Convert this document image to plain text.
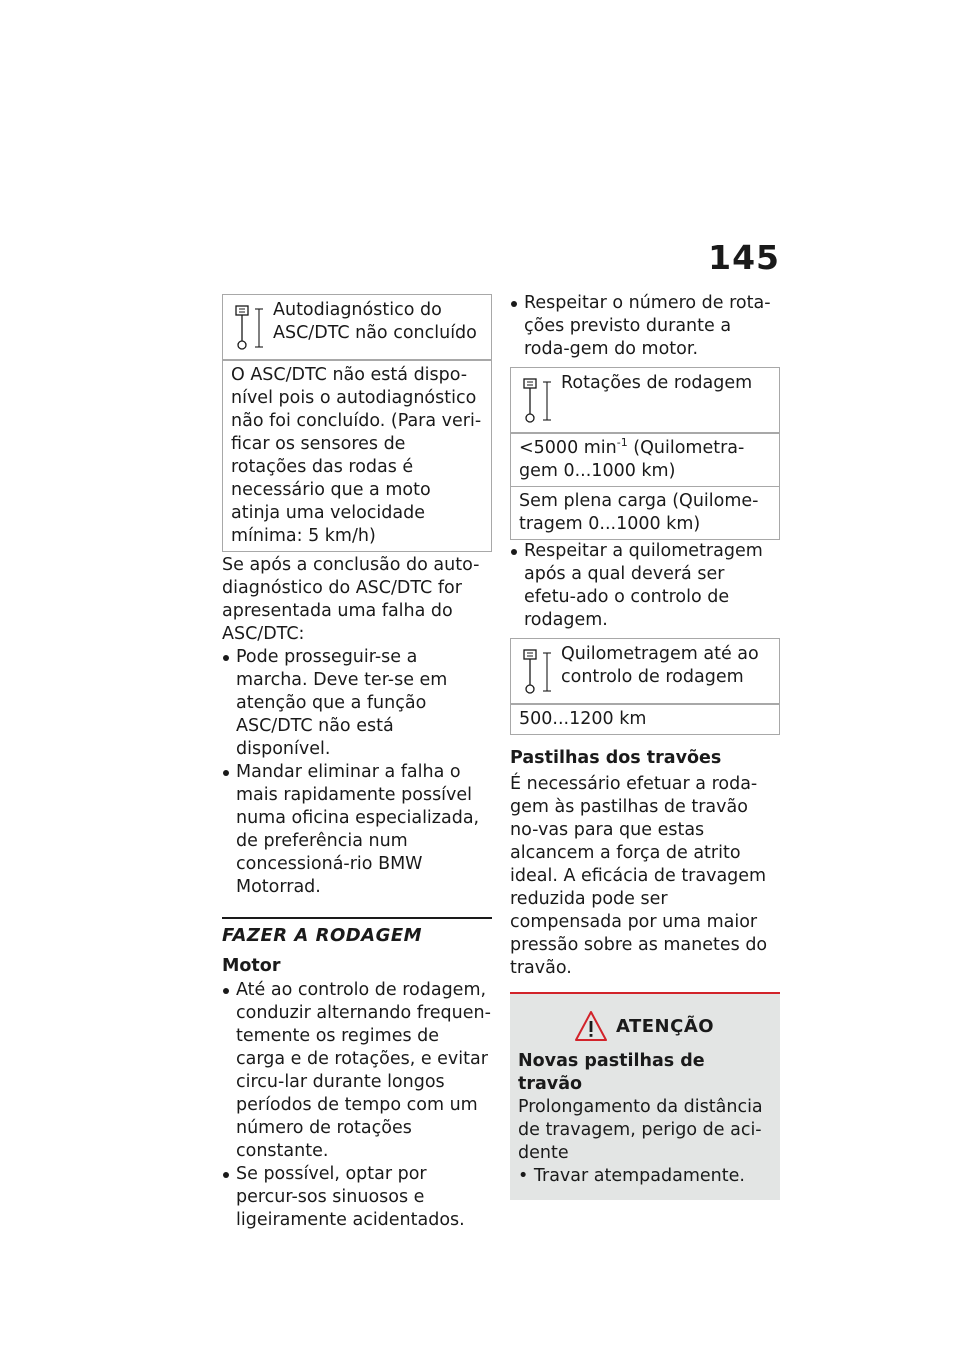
145
Autodiagnóstico do ASC/DTC não concluído
O ASC/DTC não está dispo-nível pois o autodiagnóstico não foi concluído. (Para veri-ficar os sensores de rotações das rodas é necessário que a moto atinja uma velocidade mínima: 5 km/h)

Se após a conclusão do auto-diagnóstico do ASC/DTC for apresentada uma falha do ASC/DTC:

Pode prosseguir-se a marcha. Deve ter-se em atenção que a função ASC/DTC não está disponível.
Mandar eliminar a falha o mais rapidamente possível numa oficina especializada, de preferência num concessioná-rio BMW Motorrad.
FAZER A RODAGEM
Motor
Até ao controlo de rodagem, conduzir alternando frequen-temente os regimes de carga e de rotações, e evitar circu-lar durante longos períodos de tempo com um número de rotações constante.
Se possível, optar por percur-sos sinuosos e ligeiramente acidentados.
Respeitar o número de rota-ções previsto durante a roda-gem do motor.
Rotações de rodagem
<5000 $\min^{-1}$ (Quilometra-gem 0...1000 km)
Sem plena carga (Quilome-tragem 0...1000 km)
Respeitar a quilometragem após a qual deverá ser efetu-ado o controlo de rodagem.
Quilometragem até ao controlo de rodagem
500...1200 km
Pastilhas dos travões

É necessário efetuar a roda-gem às pastilhas de travão no-vas para que estas alcancem a força de atrito ideal. A eficácia de travagem reduzida pode ser compensada por uma maior pressão sobre as manetes do travão.

ATENÇÃO
Novas pastilhas de travão

Prolongamento da distância de travagem, perigo de aci-dente

• Travar atempadamente.
